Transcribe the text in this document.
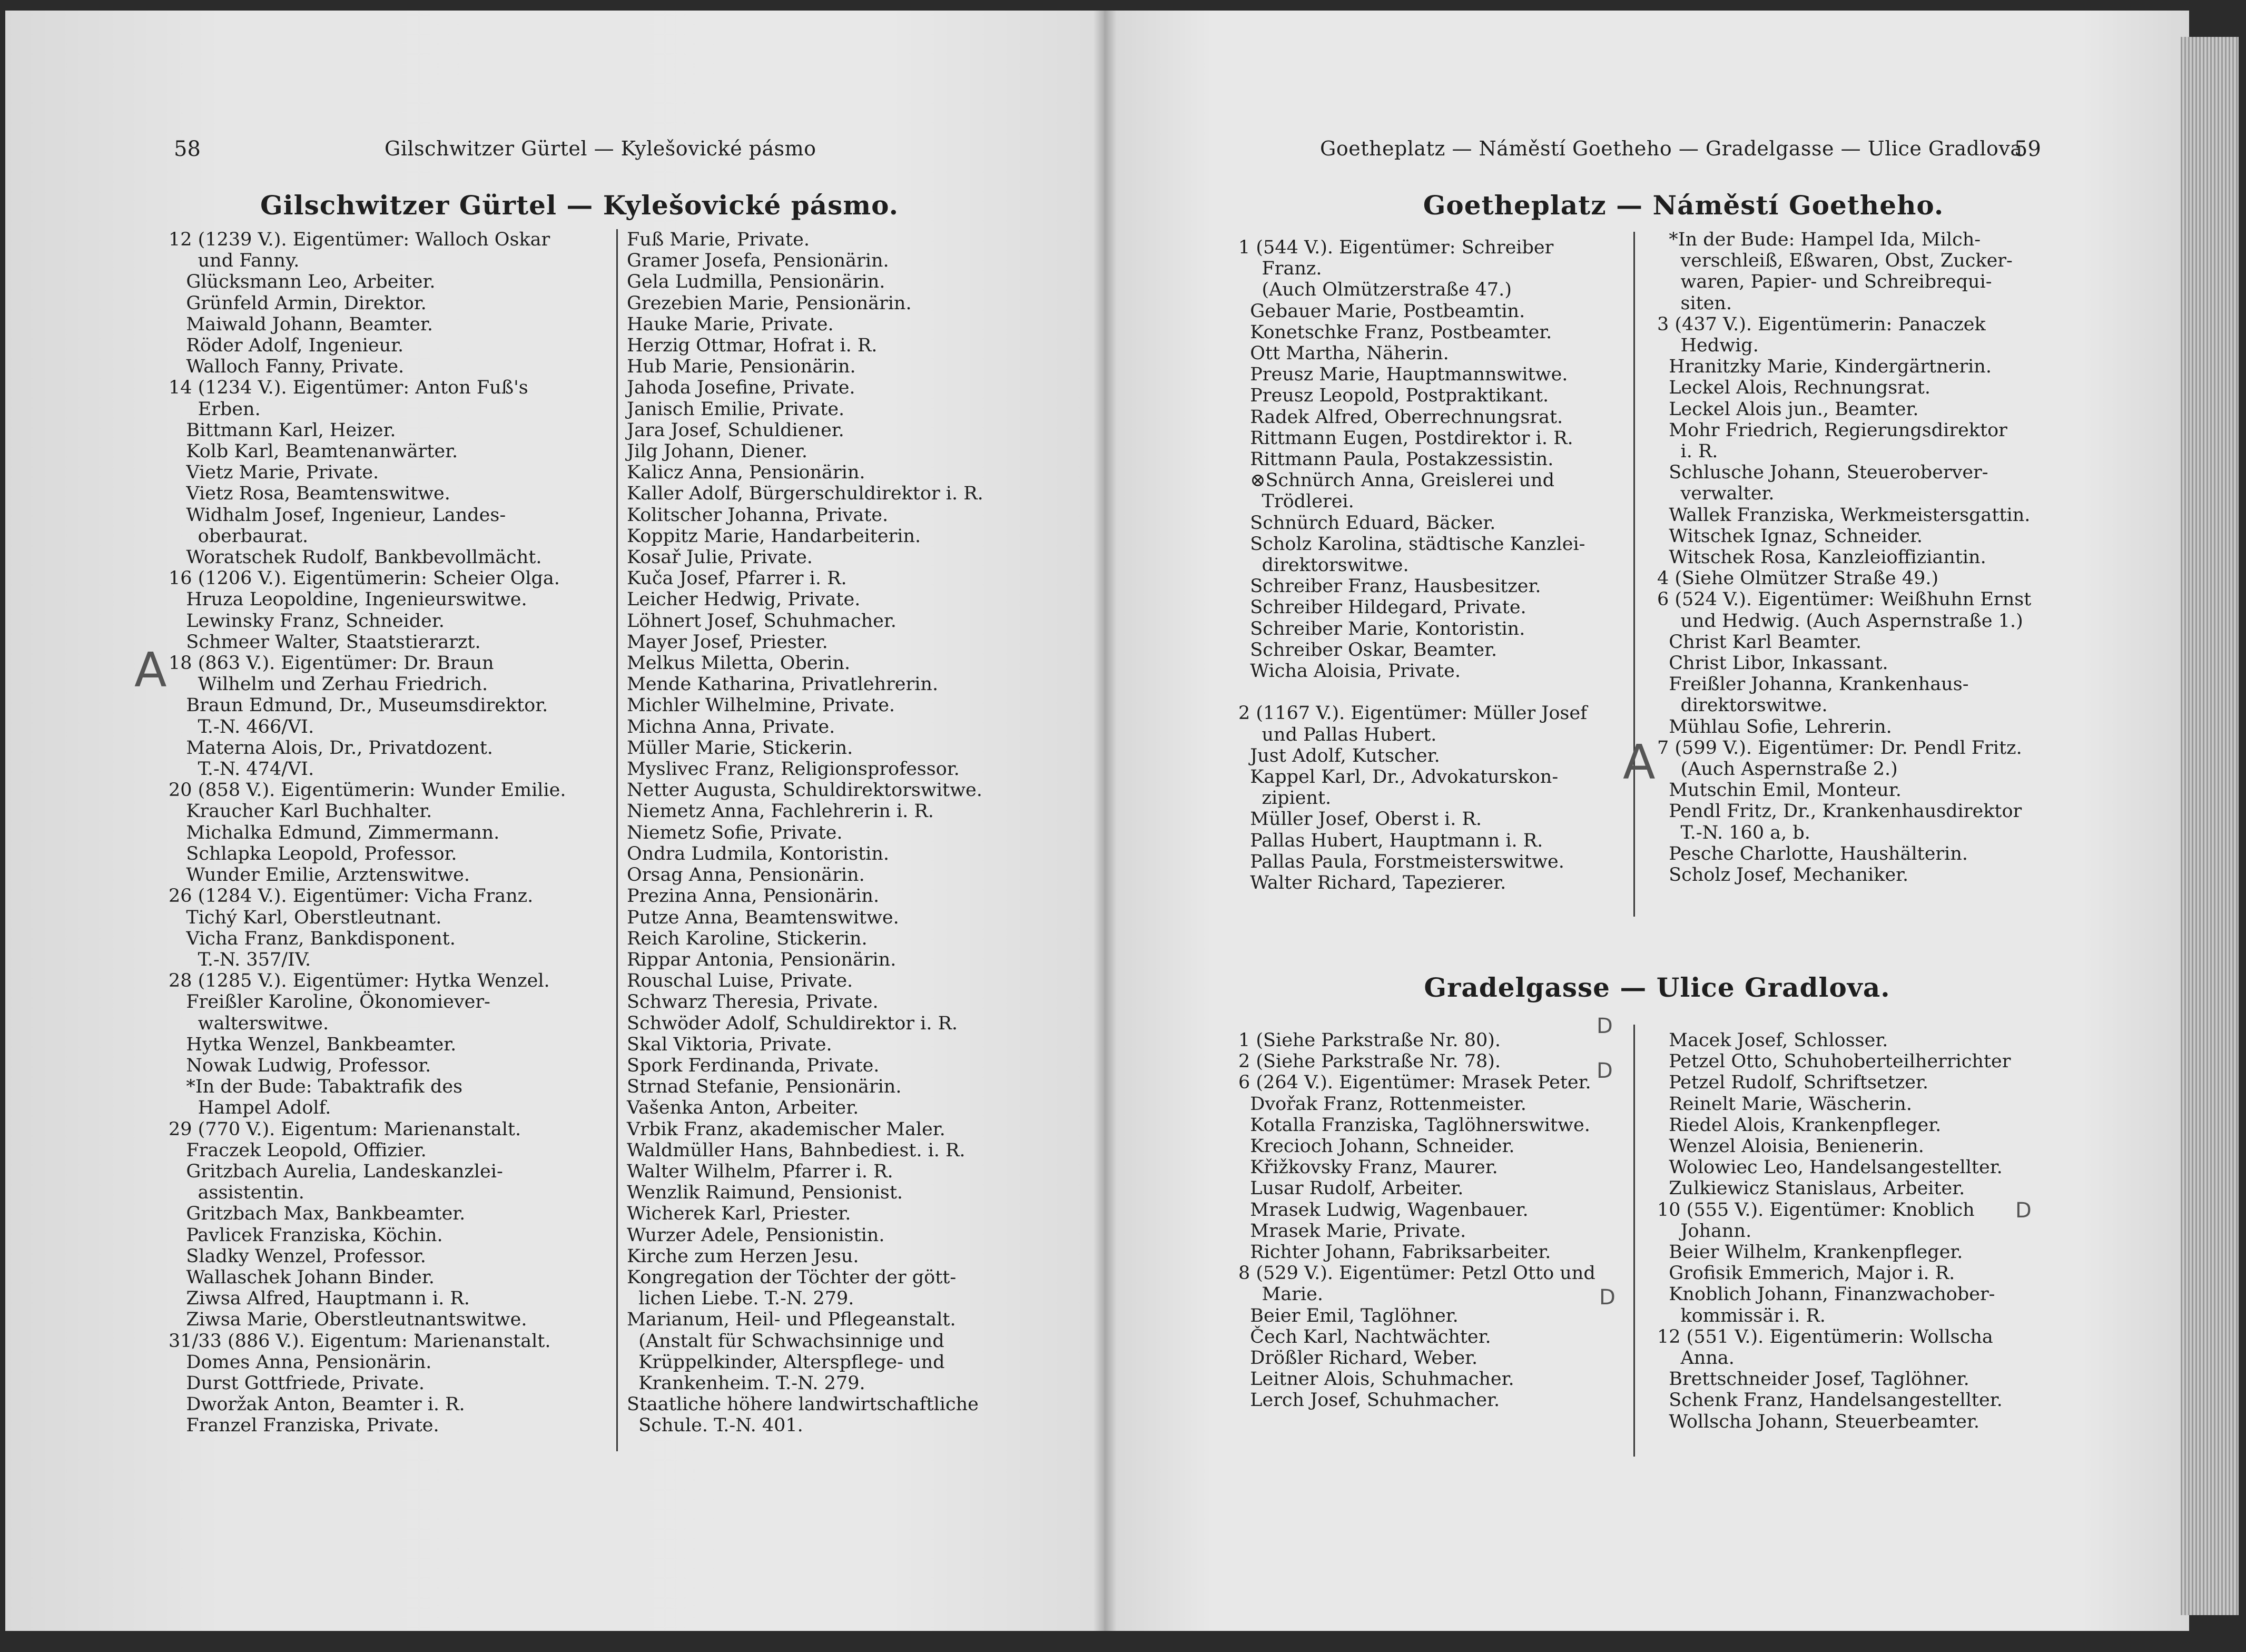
58	Gilschwitzer Gürtel — Kylešovické pásmo
Gilschwitzer Gürtel — Kylešovické pásmo.
12 (1239 V.). Eigentümer: Walloch Oskar
und Fanny.
Glücksmann Leo, Arbeiter.
Grünfeld Armin, Direktor.
Maiwald Johann, Beamter.
Röder Adolf, Ingenieur.
Walloch Fanny, Private.
14 (1234 V.). Eigentümer: Anton Fuß's
Erben.
Bittmann Karl, Heizer.
Kolb Karl, Beamtenanwärter.
Vietz Marie, Private.
Vietz Rosa, Beamtenswitwe.
Widhalm Josef, Ingenieur, Landes-
oberbaurat.
Woratschek Rudolf, Bankbevollmächt.
16 (1206 V.). Eigentümerin: Scheier Olga.
Hruza Leopoldine, Ingenieurswitwe.
Lewinsky Franz, Schneider.
Schmeer Walter, Staatstierarzt.
18 (863 V.). Eigentümer: Dr. Braun
Wilhelm und Zerhau Friedrich.
Braun Edmund, Dr., Museumsdirektor.
T.-N. 466/VI.
Materna Alois, Dr., Privatdozent.
T.-N. 474/VI.
20 (858 V.). Eigentümerin: Wunder Emilie.
Kraucher Karl Buchhalter.
Michalka Edmund, Zimmermann.
Schlapka Leopold, Professor.
Wunder Emilie, Arztenswitwe.
26 (1284 V.). Eigentümer: Vicha Franz.
Tichý Karl, Oberstleutnant.
Vicha Franz, Bankdisponent.
T.-N. 357/IV.
28 (1285 V.). Eigentümer: Hytka Wenzel.
Freißler Karoline, Ökonomiever-
walterswitwe.
Hytka Wenzel, Bankbeamter.
Nowak Ludwig, Professor.
*In der Bude: Tabaktrafik des
Hampel Adolf.
29 (770 V.). Eigentum: Marienanstalt.
Fraczek Leopold, Offizier.
Gritzbach Aurelia, Landeskanzlei-
assistentin.
Gritzbach Max, Bankbeamter.
Pavlicek Franziska, Köchin.
Sladky Wenzel, Professor.
Wallaschek Johann Binder.
Ziwsa Alfred, Hauptmann i. R.
Ziwsa Marie, Oberstleutnantswitwe.
31/33 (886 V.). Eigentum: Marienanstalt.
Domes Anna, Pensionärin.
Durst Gottfriede, Private.
Dworžak Anton, Beamter i. R.
Franzel Franziska, Private.
Fuß Marie, Private.
Gramer Josefa, Pensionärin.
Gela Ludmilla, Pensionärin.
Grezebien Marie, Pensionärin.
Hauke Marie, Private.
Herzig Ottmar, Hofrat i. R.
Hub Marie, Pensionärin.
Jahoda Josefine, Private.
Janisch Emilie, Private.
Jara Josef, Schuldiener.
Jilg Johann, Diener.
Kalicz Anna, Pensionärin.
Kaller Adolf, Bürgerschuldirektor i. R.
Kolitscher Johanna, Private.
Koppitz Marie, Handarbeiterin.
Kosař Julie, Private.
Kuča Josef, Pfarrer i. R.
Leicher Hedwig, Private.
Löhnert Josef, Schuhmacher.
Mayer Josef, Priester.
Melkus Miletta, Oberin.
Mende Katharina, Privatlehrerin.
Michler Wilhelmine, Private.
Michna Anna, Private.
Müller Marie, Stickerin.
Myslivec Franz, Religionsprofessor.
Netter Augusta, Schuldirektorswitwe.
Niemetz Anna, Fachlehrerin i. R.
Niemetz Sofie, Private.
Ondra Ludmila, Kontoristin.
Orsag Anna, Pensionärin.
Prezina Anna, Pensionärin.
Putze Anna, Beamtenswitwe.
Reich Karoline, Stickerin.
Rippar Antonia, Pensionärin.
Rouschal Luise, Private.
Schwarz Theresia, Private.
Schwöder Adolf, Schuldirektor i. R.
Skal Viktoria, Private.
Spork Ferdinanda, Private.
Strnad Stefanie, Pensionärin.
Vašenka Anton, Arbeiter.
Vrbik Franz, akademischer Maler.
Waldmüller Hans, Bahnbediest. i. R.
Walter Wilhelm, Pfarrer i. R.
Wenzlik Raimund, Pensionist.
Wicherek Karl, Priester.
Wurzer Adele, Pensionistin.
Kirche zum Herzen Jesu.
Kongregation der Töchter der gött-
lichen Liebe. T.-N. 279.
Marianum, Heil- und Pflegeanstalt.
(Anstalt für Schwachsinnige und
Krüppelkinder, Alterspflege- und
Krankenheim. T.-N. 279.
Staatliche höhere landwirtschaftliche
Schule. T.-N. 401.
A
Goetheplatz — Náměstí Goetheho — Gradelgasse — Ulice Gradlova
59
Goetheplatz — Náměstí Goetheho.
1 (544 V.). Eigentümer: Schreiber
Franz.
(Auch Olmützerstraße 47.)
Gebauer Marie, Postbeamtin.
Konetschke Franz, Postbeamter.
Ott Martha, Näherin.
Preusz Marie, Hauptmannswitwe.
Preusz Leopold, Postpraktikant.
Radek Alfred, Oberrechnungsrat.
Rittmann Eugen, Postdirektor i. R.
Rittmann Paula, Postakzessistin.
⊗Schnürch Anna, Greislerei und
Trödlerei.
Schnürch Eduard, Bäcker.
Scholz Karolina, städtische Kanzlei-
direktorswitwe.
Schreiber Franz, Hausbesitzer.
Schreiber Hildegard, Private.
Schreiber Marie, Kontoristin.
Schreiber Oskar, Beamter.
Wicha Aloisia, Private.

2 (1167 V.). Eigentümer: Müller Josef
und Pallas Hubert.
Just Adolf, Kutscher.
Kappel Karl, Dr., Advokaturskon-
zipient.
Müller Josef, Oberst i. R.
Pallas Hubert, Hauptmann i. R.
Pallas Paula, Forstmeisterswitwe.
Walter Richard, Tapezierer.
*In der Bude: Hampel Ida, Milch-
verschleiß, Eßwaren, Obst, Zucker-
waren, Papier- und Schreibrequi-
siten.
3 (437 V.). Eigentümerin: Panaczek
Hedwig.
Hranitzky Marie, Kindergärtnerin.
Leckel Alois, Rechnungsrat.
Leckel Alois jun., Beamter.
Mohr Friedrich, Regierungsdirektor
i. R.
Schlusche Johann, Steueroberver-
verwalter.
Wallek Franziska, Werkmeistersgattin.
Witschek Ignaz, Schneider.
Witschek Rosa, Kanzleioffiziantin.
4 (Siehe Olmützer Straße 49.)
6 (524 V.). Eigentümer: Weißhuhn Ernst
und Hedwig. (Auch Aspernstraße 1.)
Christ Karl Beamter.
Christ Libor, Inkassant.
Freißler Johanna, Krankenhaus-
direktorswitwe.
Mühlau Sofie, Lehrerin.
7 (599 V.). Eigentümer: Dr. Pendl Fritz.
(Auch Aspernstraße 2.)
Mutschin Emil, Monteur.
Pendl Fritz, Dr., Krankenhausdirektor
T.-N. 160 a, b.
Pesche Charlotte, Haushälterin.
Scholz Josef, Mechaniker.
Gradelgasse — Ulice Gradlova.
1 (Siehe Parkstraße Nr. 80).
2 (Siehe Parkstraße Nr. 78).
6 (264 V.). Eigentümer: Mrasek Peter.
Dvořak Franz, Rottenmeister.
Kotalla Franziska, Taglöhnerswitwe.
Krecioch Johann, Schneider.
Křižkovsky Franz, Maurer.
Lusar Rudolf, Arbeiter.
Mrasek Ludwig, Wagenbauer.
Mrasek Marie, Private.
Richter Johann, Fabriksarbeiter.
8 (529 V.). Eigentümer: Petzl Otto und
Marie.
Beier Emil, Taglöhner.
Čech Karl, Nachtwächter.
Drößler Richard, Weber.
Leitner Alois, Schuhmacher.
Lerch Josef, Schuhmacher.
Macek Josef, Schlosser.
Petzel Otto, Schuhoberteilherrichter
Petzel Rudolf, Schriftsetzer.
Reinelt Marie, Wäscherin.
Riedel Alois, Krankenpfleger.
Wenzel Aloisia, Benienerin.
Wolowiec Leo, Handelsangestellter.
Zulkiewicz Stanislaus, Arbeiter.
10 (555 V.). Eigentümer: Knoblich
Johann.
Beier Wilhelm, Krankenpfleger.
Grofisik Emmerich, Major i. R.
Knoblich Johann, Finanzwachober-
kommissär i. R.
12 (551 V.). Eigentümerin: Wollscha
Anna.
Brettschneider Josef, Taglöhner.
Schenk Franz, Handelsangestellter.
Wollscha Johann, Steuerbeamter.
A
D
D
D
D
